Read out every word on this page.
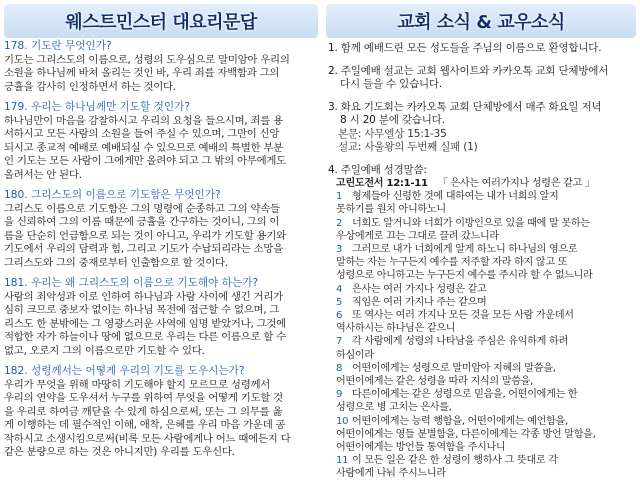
웨스트민스터 대요리문답
178. 기도란 무엇인가?
기도는 그리스도의 이름으로, 성령의 도우심으로 말미암아 우리의
소원을 하나님께 바쳐 올리는 것인 바, 우리 죄를 자백함과 그의
긍휼을 감사히 인정하면서 하는 것이다.
179. 우리는 하나님께만 기도할 것인가?
하나님만이 마음을 감찰하시고 우리의 요청을 들으시며, 죄를 용
서하시고 모든 사람의 소원을 들어 주실 수 있으며, 그만이 신앙
되시고 종교적 예배로 예배되실 수 있으므로 예배의 특별한 부분
인 기도는 모든 사람이 그에게만 올려야 되고 그 밖의 아무에게도
올려서는 안 된다.
180. 그리스도의 이름으로 기도함은 무엇인가?
그리스도 이름으로 기도함은 그의 명령에 순종하고 그의 약속들
을 신뢰하여 그의 이름 때문에 긍휼을 간구하는 것이니, 그의 이
름을 단순히 언급함으로 되는 것이 아니고, 우리가 기도할 용기와
기도에서 우리의 담력과 힘, 그리고 기도가 수납되리라는 소망을
그리스도와 그의 중재로부터 인출함으로 할 것이다.
181. 우리는 왜 그리스도의 이름으로 기도해야 하는가?
사람의 죄악성과 이로 인하여 하나님과 사람 사이에 생긴 거리가
심히 크므로 중보자 없이는 하나님 목전에 접근할 수 없으며, 그
리스도 한 분밖에는 그 영광스러운 사역에 임명 받았거나, 그것에
적합한 자가 하늘이나 땅에 없으므로 우리는 다른 이름으로 할 수
없고, 오로지 그의 이름으로만 기도할 수 있다.
182. 성령께서는 어떻게 우리의 기도를 도우시는가?
우리가 무엇을 위해 마땅히 기도해야 할지 모르므로 성령께서
우리의 연약을 도우셔서 누구를 위하여 무엇을 어떻게 기도할 것
을 우리로 하여금 깨닫을 수 있게 하심으로써, 또는 그 의무를 옳
게 이행하는 데 필수적인 이해, 애착, 은혜를 우리 마음 가운데 공
작하시고 소생시킴으로써(비록 모든 사람에게나 어느 때에든지 다
같은 분량으로 하는 것은 아니지만) 우리를 도우신다.
교회 소식 & 교우소식
1. 함께 예배드린 모든 성도들을 주님의 이름으로 환영합니다.
2. 주일예배 설교는 교회 웹사이트와 카카오톡 교회 단체방에서
다시 들을 수 있습니다.
3. 화요 기도회는 카카오톡 교회 단체방에서 매주 화요일 저녁
8 시 20 분에 갖습니다.
본문: 사무엘상 15:1-35
설교: 사울왕의 두번째 실패 (1)
4. 주일예배 성경말씀:
고린도전서 12:1-11 「 은사는 여러가지나 성령은 같고 」
1 형제들아 신령한 것에 대하여는 내가 너희의 알지
못하기를 원치 아니하노니
2 너희도 알거니와 너희가 이방인으로 있을 때에 말 못하는
우상에게로 끄는 그대로 끌려 갔느니라
3 그러므로 내가 너희에게 알게 하노니 하나님의 영으로
말하는 자는 누구든지 예수를 저주할 자라 하지 않고 또
성령으로 아니하고는 누구든지 예수를 주시라 할 수 없느니라
4 은사는 여러 가지나 성령은 같고
5 직임은 여러 가지나 주는 같으며
6 또 역사는 여러 가지나 모든 것을 모든 사람 가운데서
역사하시는 하나님은 같으니
7 각 사람에게 성령의 나타남을 주심은 유익하게 하려
하심이라
8 어떤이에게는 성령으로 말미암아 지혜의 말씀을,
어떤이에게는 같은 성령을 따라 지식의 말씀을,
9 다른이에게는 같은 성령으로 믿음을, 어떤이에게는 한
성령으로 병 고치는 은사를,
10 어떤이에게는 능력 행함을, 어떤이에게는 예언함을,
어떤이에게는 영들 분별함을, 다른이에게는 각종 방언 말함을,
어떤이에게는 방언들 통역함을 주시나니
11 이 모든 일은 같은 한 성령이 행하사 그 뜻대로 각
사람에게 나눠 주시느니라
